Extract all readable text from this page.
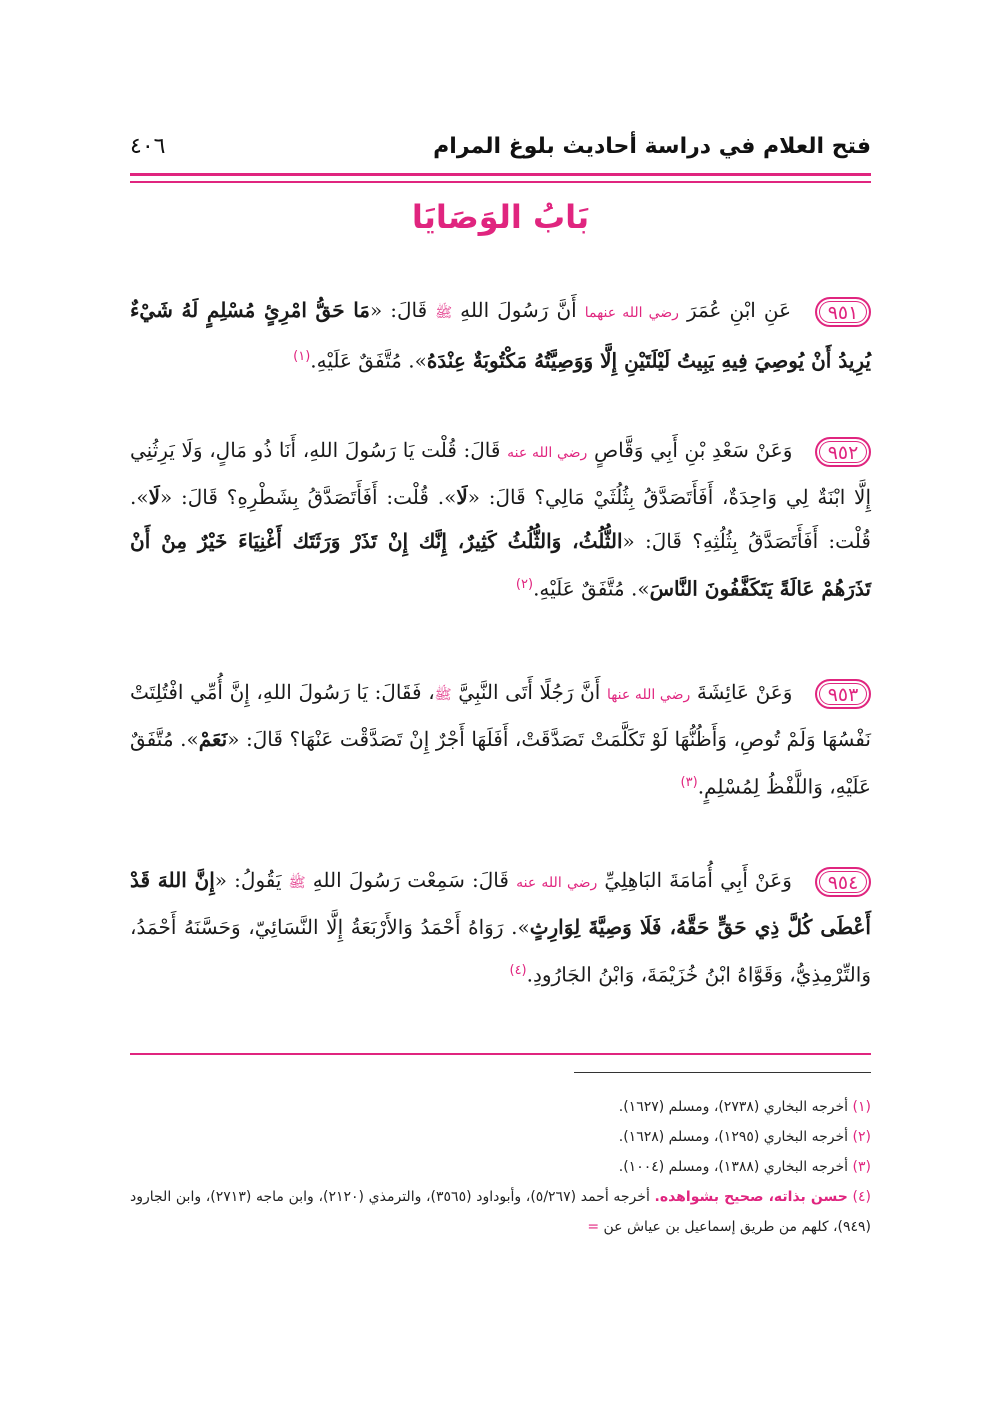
فتح العلام في دراسة أحاديث بلوغ المرام
٤٠٦
بَابُ الوَصَايَا

٩٥١ عَنِ ابْنِ عُمَرَ رضي الله عنهما أَنَّ رَسُولَ اللهِ ﷺ قَالَ: «مَا حَقُّ امْرِئٍ مُسْلِمٍ لَهُ شَيْءٌ يُرِيدُ أَنْ يُوصِيَ فِيهِ يَبِيتُ لَيْلَتَيْنِ إِلَّا وَوَصِيَّتُهُ مَكْتُوبَةٌ عِنْدَهُ». مُتَّفَقٌ عَلَيْهِ.$^{(١)}$

٩٥٢ وَعَنْ سَعْدِ بْنِ أَبِي وَقَّاصٍ رضي الله عنه قَالَ: قُلْت يَا رَسُولَ اللهِ، أَنَا ذُو مَالٍ، وَلَا يَرِثُنِي إِلَّا ابْنَةٌ لِي وَاحِدَةٌ، أَفَأَتَصَدَّقُ بِثُلُثَيْ مَالِي؟ قَالَ: «لَا». قُلْت: أَفَأَتَصَدَّقُ بِشَطْرِهِ؟ قَالَ: «لَا». قُلْت: أَفَأَتَصَدَّقُ بِثُلُثِهِ؟ قَالَ: «الثُّلُثُ، وَالثُّلُثُ كَثِيرٌ، إِنَّك إِنْ تَذَرْ وَرَثَتَك أَغْنِيَاءَ خَيْرٌ مِنْ أَنْ تَذَرَهُمْ عَالَةً يَتَكَفَّفُونَ النَّاسَ». مُتَّفَقٌ عَلَيْهِ.$^{(٢)}$

٩٥٣ وَعَنْ عَائِشَةَ رضي الله عنها أَنَّ رَجُلًا أَتَى النَّبِيَّ ﷺ، فَقَالَ: يَا رَسُولَ اللهِ، إِنَّ أُمِّي افْتُلِتَتْ نَفْسُهَا وَلَمْ تُوصِ، وَأَظُنُّهَا لَوْ تَكَلَّمَتْ تَصَدَّقَتْ، أَفَلَهَا أَجْرٌ إِنْ تَصَدَّقْت عَنْهَا؟ قَالَ: «نَعَمْ». مُتَّفَقٌ عَلَيْهِ، وَاللَّفْظُ لِمُسْلِمٍ.$^{(٣)}$

٩٥٤ وَعَنْ أَبِي أُمَامَةَ البَاهِلِيِّ رضي الله عنه قَالَ: سَمِعْت رَسُولَ اللهِ ﷺ يَقُولُ: «إِنَّ اللهَ قَدْ أَعْطَى كُلَّ ذِي حَقٍّ حَقَّهُ، فَلَا وَصِيَّةَ لِوَارِثٍ». رَوَاهُ أَحْمَدُ وَالأَرْبَعَةُ إِلَّا النَّسَائِيّ، وَحَسَّنَهُ أَحْمَدُ، وَالتِّرْمِذِيُّ، وَقَوَّاهُ ابْنُ خُزَيْمَةَ، وَابْنُ الجَارُودِ.$^{(٤)}$

(١) أخرجه البخاري (٢٧٣٨)، ومسلم (١٦٢٧).

(٢) أخرجه البخاري (١٢٩٥)، ومسلم (١٦٢٨).

(٣) أخرجه البخاري (١٣٨٨)، ومسلم (١٠٠٤).

(٤) حسن بذاته، صحيح بشواهده. أخرجه أحمد (٥/٢٦٧)، وأبوداود (٣٥٦٥)، والترمذي (٢١٢٠)، وابن ماجه (٢٧١٣)، وابن الجارود (٩٤٩)، كلهم من طريق إسماعيل بن عياش عن =
